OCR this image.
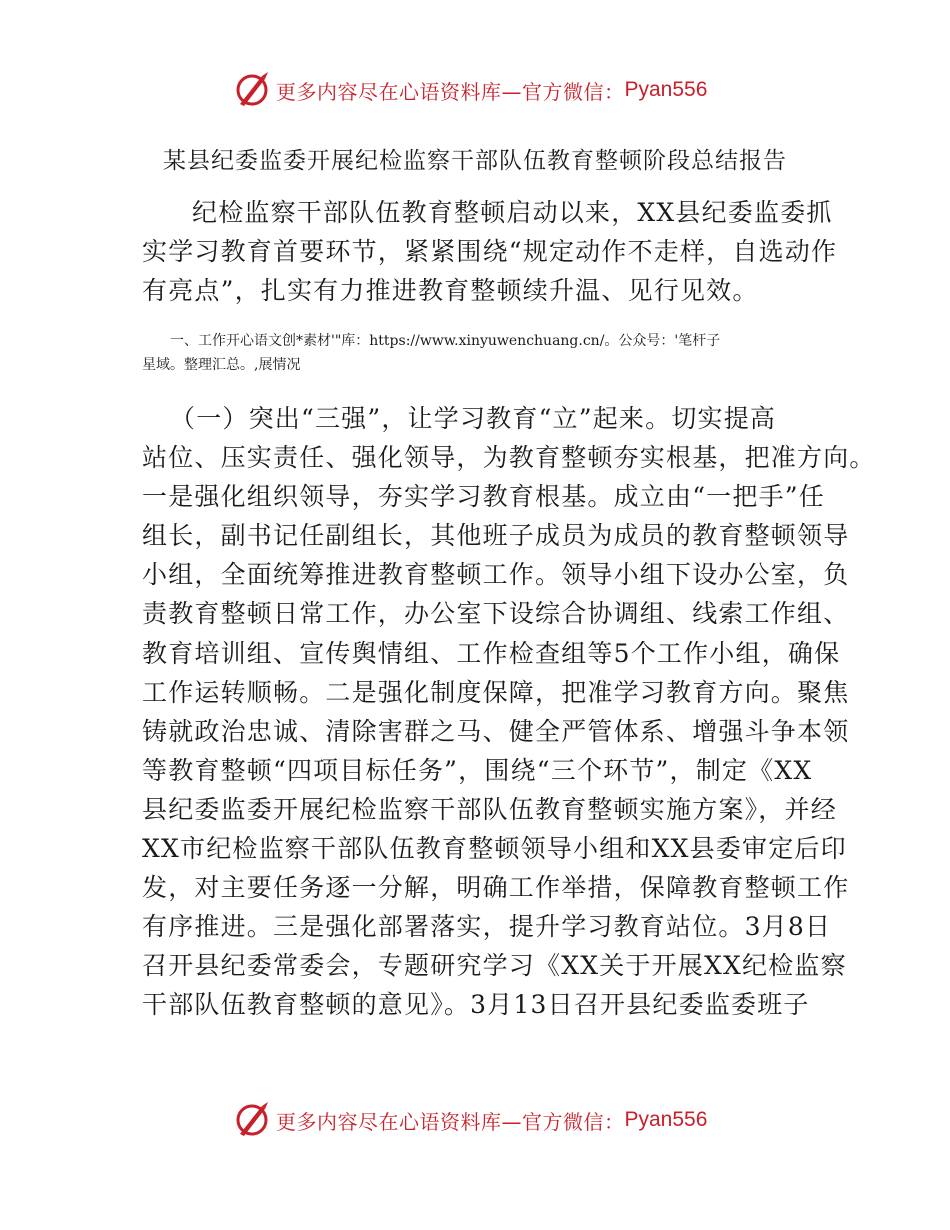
更多内容尽在心语资料库—官方微信： Pyan556
某县纪委监委开展纪检监察干部队伍教育整顿阶段总结报告

纪检监察干部队伍教育整顿启动以来，XX县纪委监委抓
实学习教育首要环节，紧紧围绕“规定动作不走样，自选动作
有亮点”，扎实有力推进教育整顿续升温、见行见效。

一、工作开心语文创*素材'"库：https://www.xinyuwenchuang.cn/。公众号：'笔杆子
星域。整理汇总。,展情况

（一）突出“三强”，让学习教育“立”起来。切实提高
站位、压实责任、强化领导，为教育整顿夯实根基，把准方向。
一是强化组织领导，夯实学习教育根基。成立由“一把手”任
组长，副书记任副组长，其他班子成员为成员的教育整顿领导
小组，全面统筹推进教育整顿工作。领导小组下设办公室，负
责教育整顿日常工作，办公室下设综合协调组、线索工作组、
教育培训组、宣传舆情组、工作检查组等5个工作小组，确保
工作运转顺畅。二是强化制度保障，把准学习教育方向。聚焦
铸就政治忠诚、清除害群之马、健全严管体系、增强斗争本领
等教育整顿“四项目标任务”，围绕“三个环节”，制定《XX
县纪委监委开展纪检监察干部队伍教育整顿实施方案》，并经
XX市纪检监察干部队伍教育整顿领导小组和XX县委审定后印
发，对主要任务逐一分解，明确工作举措，保障教育整顿工作
有序推进。三是强化部署落实，提升学习教育站位。3月8日
召开县纪委常委会，专题研究学习《XX关于开展XX纪检监察
干部队伍教育整顿的意见》。3月13日召开县纪委监委班子

更多内容尽在心语资料库—官方微信： Pyan556
